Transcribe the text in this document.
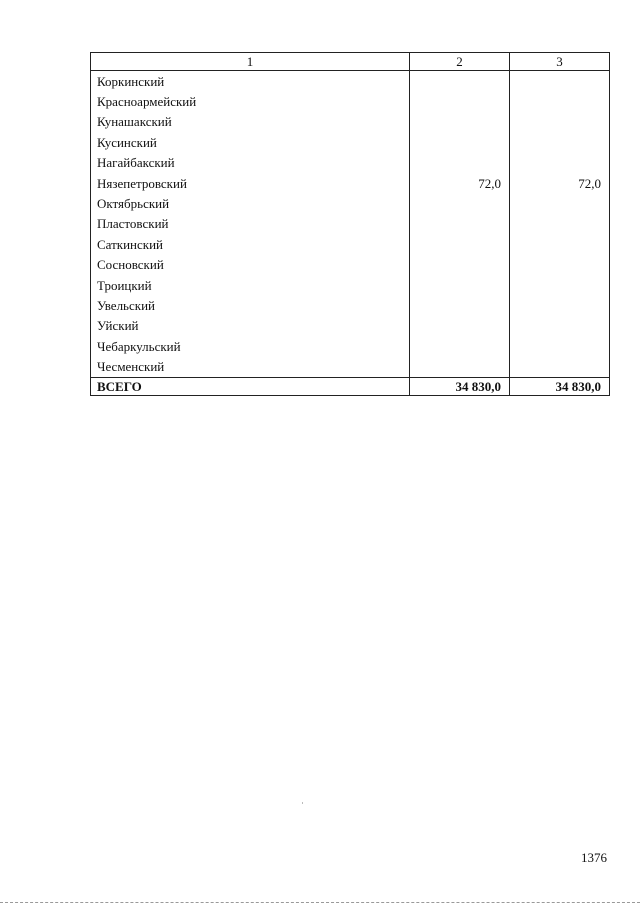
1	2	3
Коркинский		
Красноармейский		
Кунашакский		
Кусинский		
Нагайбакский		
Нязепетровский	72,0	72,0
Октябрьский		
Пластовский		
Саткинский		
Сосновский		
Троицкий		
Увельский		
Уйский		
Чебаркульский		
Чесменский		
ВСЕГО	34 830,0	34 830,0
1376
